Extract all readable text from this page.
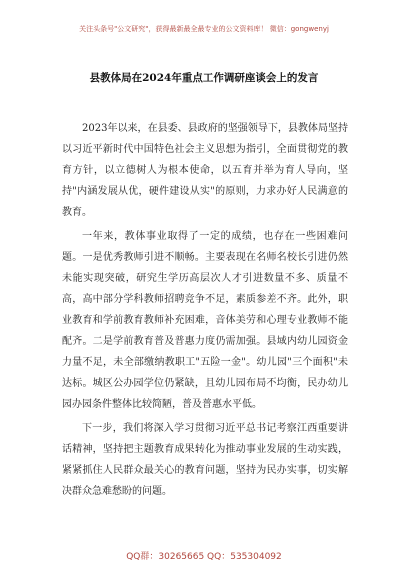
关注头条号"公文研究"，获得最新最全最专业的公文资料库！ 微信：gongwenyj
县教体局在2024年重点工作调研座谈会上的发言

2023年以来，在县委、县政府的坚强领导下，县教体局坚持以习近平新时代中国特色社会主义思想为指引，全面贯彻党的教育方针，以立德树人为根本使命，以五育并举为育人导向，坚持"内涵发展从优，硬件建设从实"的原则，力求办好人民满意的教育。

一年来，教体事业取得了一定的成绩，也存在一些困难问题。一是优秀教师引进不顺畅。主要表现在名师名校长引进仍然未能实现突破，研究生学历高层次人才引进数量不多、质量不高，高中部分学科教师招聘竞争不足，素质参差不齐。此外，职业教育和学前教育教师补充困难，音体美劳和心理专业教师不能配齐。二是学前教育普及普惠力度仍需加强。县域内幼儿园资金力量不足，未全部缴纳教职工"五险一金"。幼儿园"三个面积"未达标。城区公办园学位仍紧缺，且幼儿园布局不均衡，民办幼儿园办园条件整体比较简陋，普及普惠水平低。

下一步，我们将深入学习贯彻习近平总书记考察江西重要讲话精神，坚持把主题教育成果转化为推动事业发展的生动实践，紧紧抓住人民群众最关心的教育问题，坚持为民办实事，切实解决群众急难愁盼的问题。

QQ群：30265665 QQ：535304092
